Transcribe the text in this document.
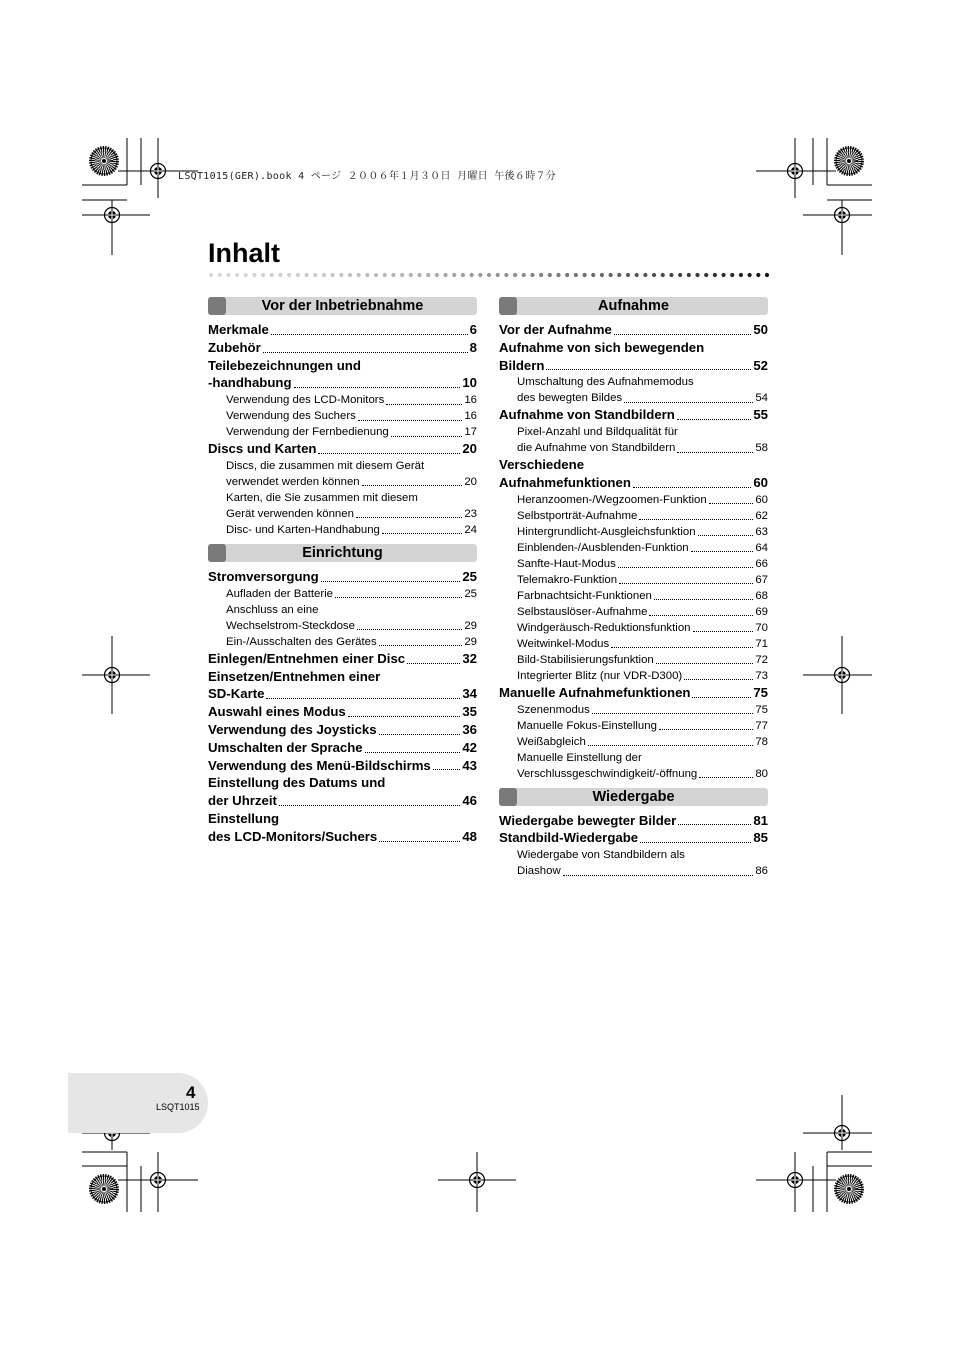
LSQT1015(GER).book 4 ページ ２００６年１月３０日 月曜日 午後６時７分
Inhalt
Vor der Inbetriebnahme
Merkmale	6
Zubehör	8
Teilebezeichnungen und
-handhabung	10
Verwendung des LCD-Monitors	16
Verwendung des Suchers	16
Verwendung der Fernbedienung	17
Discs und Karten	20
Discs, die zusammen mit diesem Gerät
verwendet werden können	20
Karten, die Sie zusammen mit diesem
Gerät verwenden können	23
Disc- und Karten-Handhabung	24
Einrichtung
Stromversorgung	25
Aufladen der Batterie	25
Anschluss an eine
Wechselstrom-Steckdose	29
Ein-/Ausschalten des Gerätes	29
Einlegen/Entnehmen einer Disc	32
Einsetzen/Entnehmen einer
SD-Karte	34
Auswahl eines Modus	35
Verwendung des Joysticks	36
Umschalten der Sprache	42
Verwendung des Menü-Bildschirms 43
Einstellung des Datums und
der Uhrzeit	46
Einstellung
des LCD-Monitors/Suchers	48
Aufnahme
Vor der Aufnahme	50
Aufnahme von sich bewegenden
Bildern	52
Umschaltung des Aufnahmemodus
des bewegten Bildes	54
Aufnahme von Standbildern	55
Pixel-Anzahl und Bildqualität für
die Aufnahme von Standbildern	58
Verschiedene
Aufnahmefunktionen	60
Heranzoomen-/Wegzoomen-Funktion	60
Selbstporträt-Aufnahme	62
Hintergrundlicht-Ausgleichsfunktion	63
Einblenden-/Ausblenden-Funktion	64
Sanfte-Haut-Modus	66
Telemakro-Funktion	67
Farbnachtsicht-Funktionen	68
Selbstauslöser-Aufnahme	69
Windgeräusch-Reduktionsfunktion	70
Weitwinkel-Modus	71
Bild-Stabilisierungsfunktion	72
Integrierter Blitz (nur VDR-D300)	73
Manuelle Aufnahmefunktionen	75
Szenenmodus	75
Manuelle Fokus-Einstellung	77
Weißabgleich	78
Manuelle Einstellung der
Verschlussgeschwindigkeit/-öffnung	80
Wiedergabe
Wiedergabe bewegter Bilder	81
Standbild-Wiedergabe	85
Wiedergabe von Standbildern als
Diashow	86
4
LSQT1015
